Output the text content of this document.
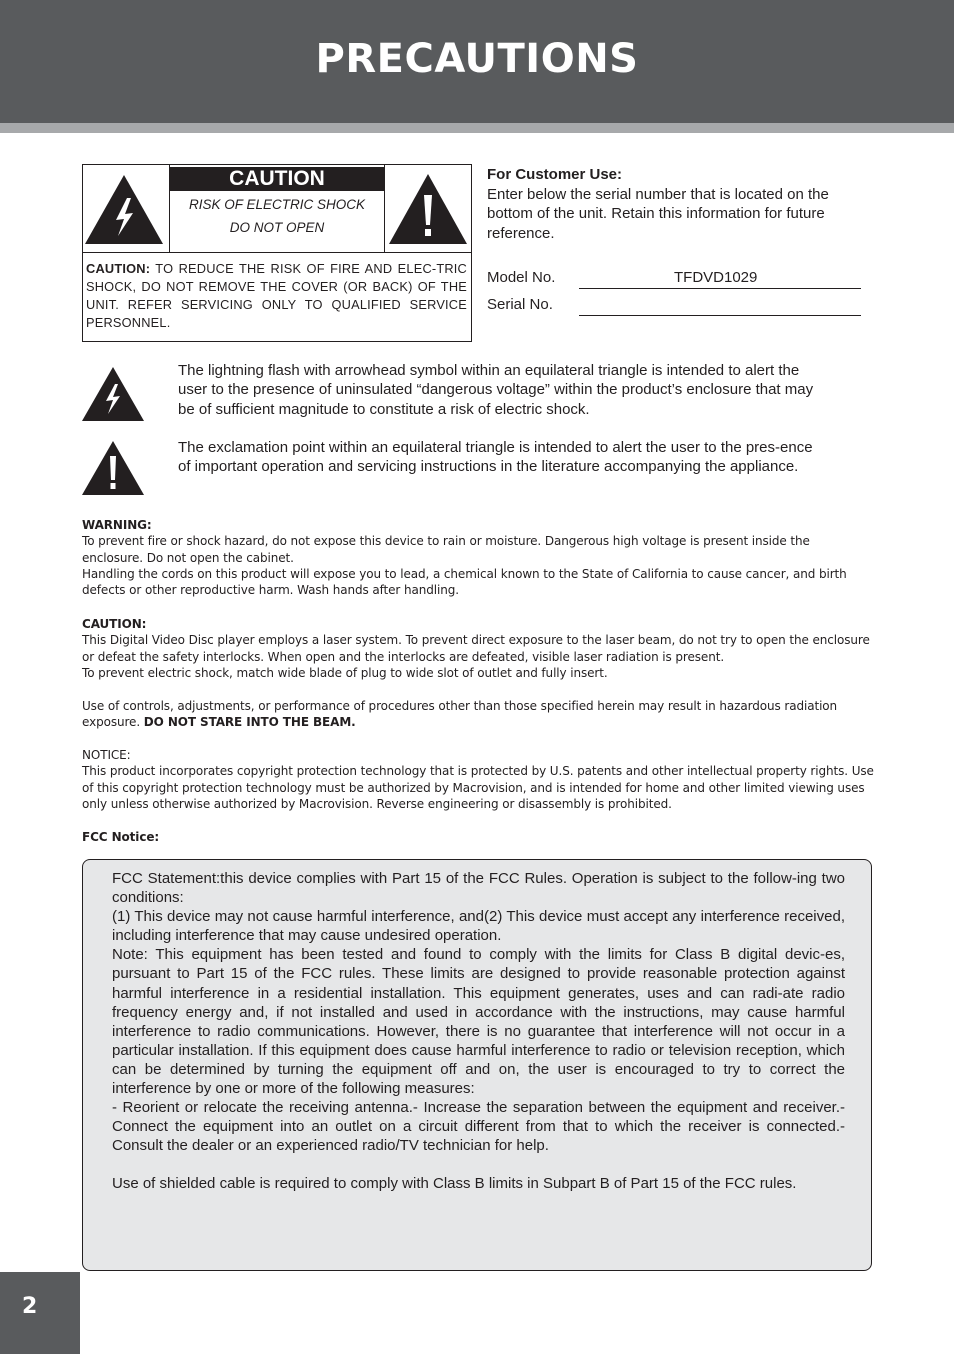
PRECAUTIONS
CAUTION
RISK OF ELECTRIC SHOCK
DO NOT OPEN
CAUTION: TO REDUCE THE RISK OF FIRE AND ELEC-TRIC SHOCK, DO NOT REMOVE THE COVER (OR BACK) OF THE UNIT. REFER SERVICING ONLY TO QUALIFIED SERVICE PERSONNEL.
For Customer Use:
Enter below the serial number that is located on the bottom of the unit. Retain this information for future reference.
Model No.	TFDVD1029
Serial No.
The lightning flash with arrowhead symbol within an equilateral triangle is intended to alert the user to the presence of uninsulated “dangerous voltage” within the product’s enclosure that may be of sufficient magnitude to constitute a risk of electric shock.
The exclamation point within an equilateral triangle is intended to alert the user to the pres-ence of important operation and servicing instructions in the literature accompanying the appliance.
WARNING:
To prevent fire or shock hazard, do not expose this device to rain or moisture. Dangerous high voltage is present inside the enclosure. Do not open the cabinet.
Handling the cords on this product will expose you to lead, a chemical known to the State of California to cause cancer, and birth defects or other reproductive harm. Wash hands after handling.
CAUTION:
This Digital Video Disc player employs a laser system. To prevent direct exposure to the laser beam, do not try to open the enclosure or defeat the safety interlocks. When open and the interlocks are defeated, visible laser radiation is present.
To prevent electric shock, match wide blade of plug to wide slot of outlet and fully insert.
Use of controls, adjustments, or performance of procedures other than those specified herein may result in hazardous radiation exposure. DO NOT STARE INTO THE BEAM.
NOTICE:
This product incorporates copyright protection technology that is protected by U.S. patents and other intellectual property rights. Use of this copyright protection technology must be authorized by Macrovision, and is intended for home and other limited viewing uses only unless otherwise authorized by Macrovision. Reverse engineering or disassembly is prohibited.
FCC Notice:

FCC Statement:this device complies with Part 15 of the FCC Rules. Operation is subject to the follow-ing two conditions:

(1) This device may not cause harmful interference, and(2) This device must accept any interference received, including interference that may cause undesired operation.

Note: This equipment has been tested and found to comply with the limits for Class B digital devic-es, pursuant to Part 15 of the FCC rules. These limits are designed to provide reasonable protection against harmful interference in a residential installation. This equipment generates, uses and can radi-ate radio frequency energy and, if not installed and used in accordance with the instructions, may cause harmful interference to radio communications. However, there is no guarantee that interference will not occur in a particular installation. If this equipment does cause harmful interference to radio or television reception, which can be determined by turning the equipment off and on, the user is encouraged to try to correct the interference by one or more of the following measures:

- Reorient or relocate the receiving antenna.- Increase the separation between the equipment and receiver.- Connect the equipment into an outlet on a circuit different from that to which the receiver is connected.- Consult the dealer or an experienced radio/TV technician for help.

Use of shielded cable is required to comply with Class B limits in Subpart B of Part 15 of the FCC rules.

2
